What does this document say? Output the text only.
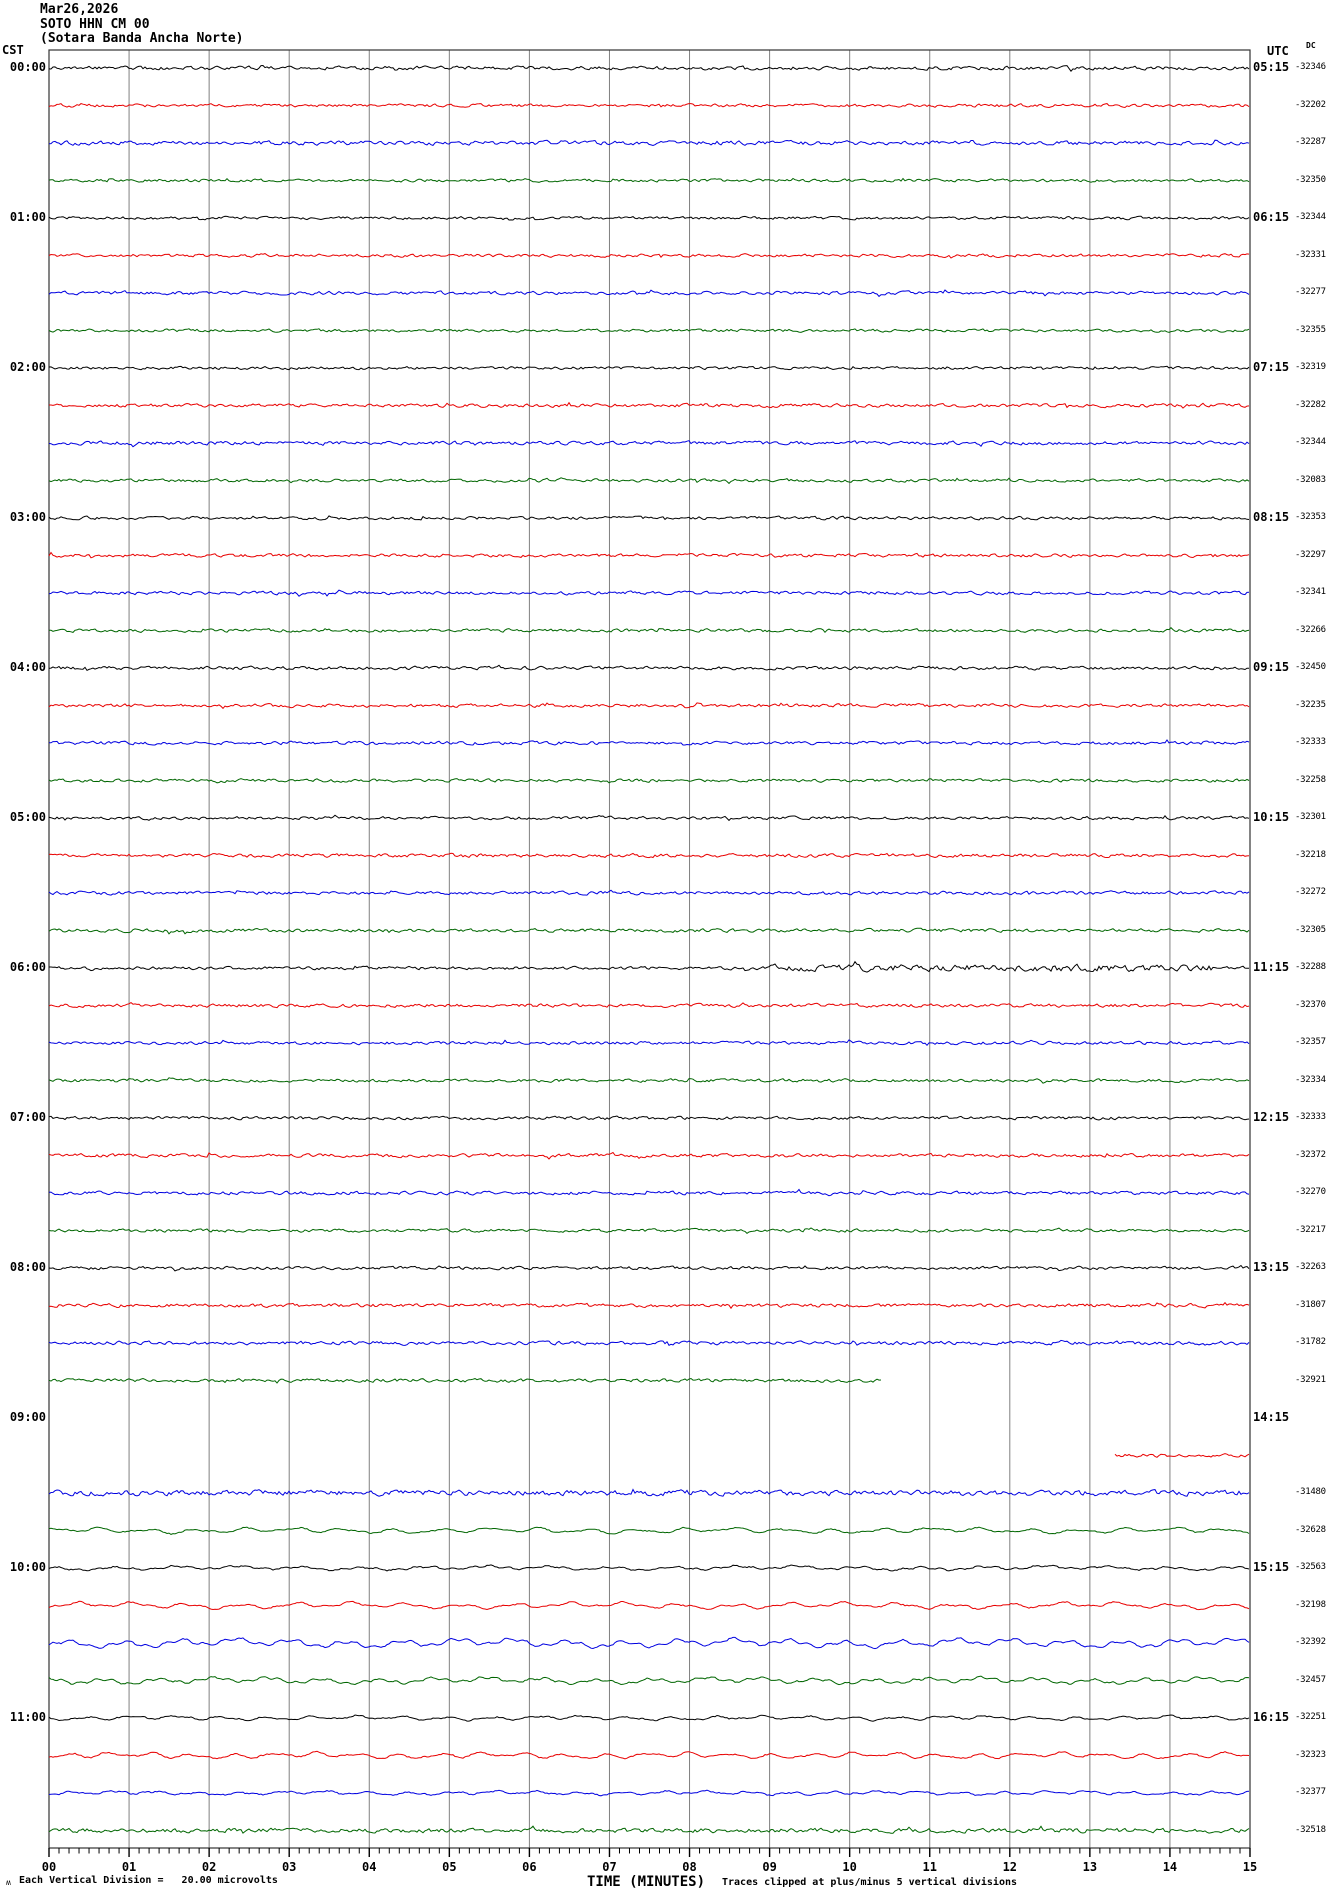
Mar26,2026
SOTO HHN CM 00
(Sotara Banda Ancha Norte)
CST	UTC DC
00	01	02	03	04	05	06	07	08	09	10	11	12	13	14	15
00:00	05:15 -32346
-32202
-32287
-32350
01:00	06:15 -32344
-32331
-32277
-32355
02:00	07:15 -32319
-32282
-32344
-32083
03:00	08:15 -32353
-32297
-32341
-32266
04:00	09:15 -32450
-32235
-32333
-32258
05:00	10:15 -32301
-32218
-32272
-32305
06:00	11:15 -32288
-32370
-32357
-32334
07:00	12:15 -32333
-32372
-32270
-32217
08:00	13:15 -32263
-31807
-31782
-32921
09:00	14:15
-31480
-32628
10:00	15:15 -32563
-32198
-32392
-32457
11:00	16:15 -32251
-32323
-32377
-32518
ʍ Each Vertical Division =   20.00 microvolts	TIME (MINUTES) Traces clipped at plus/minus 5 vertical divisions
